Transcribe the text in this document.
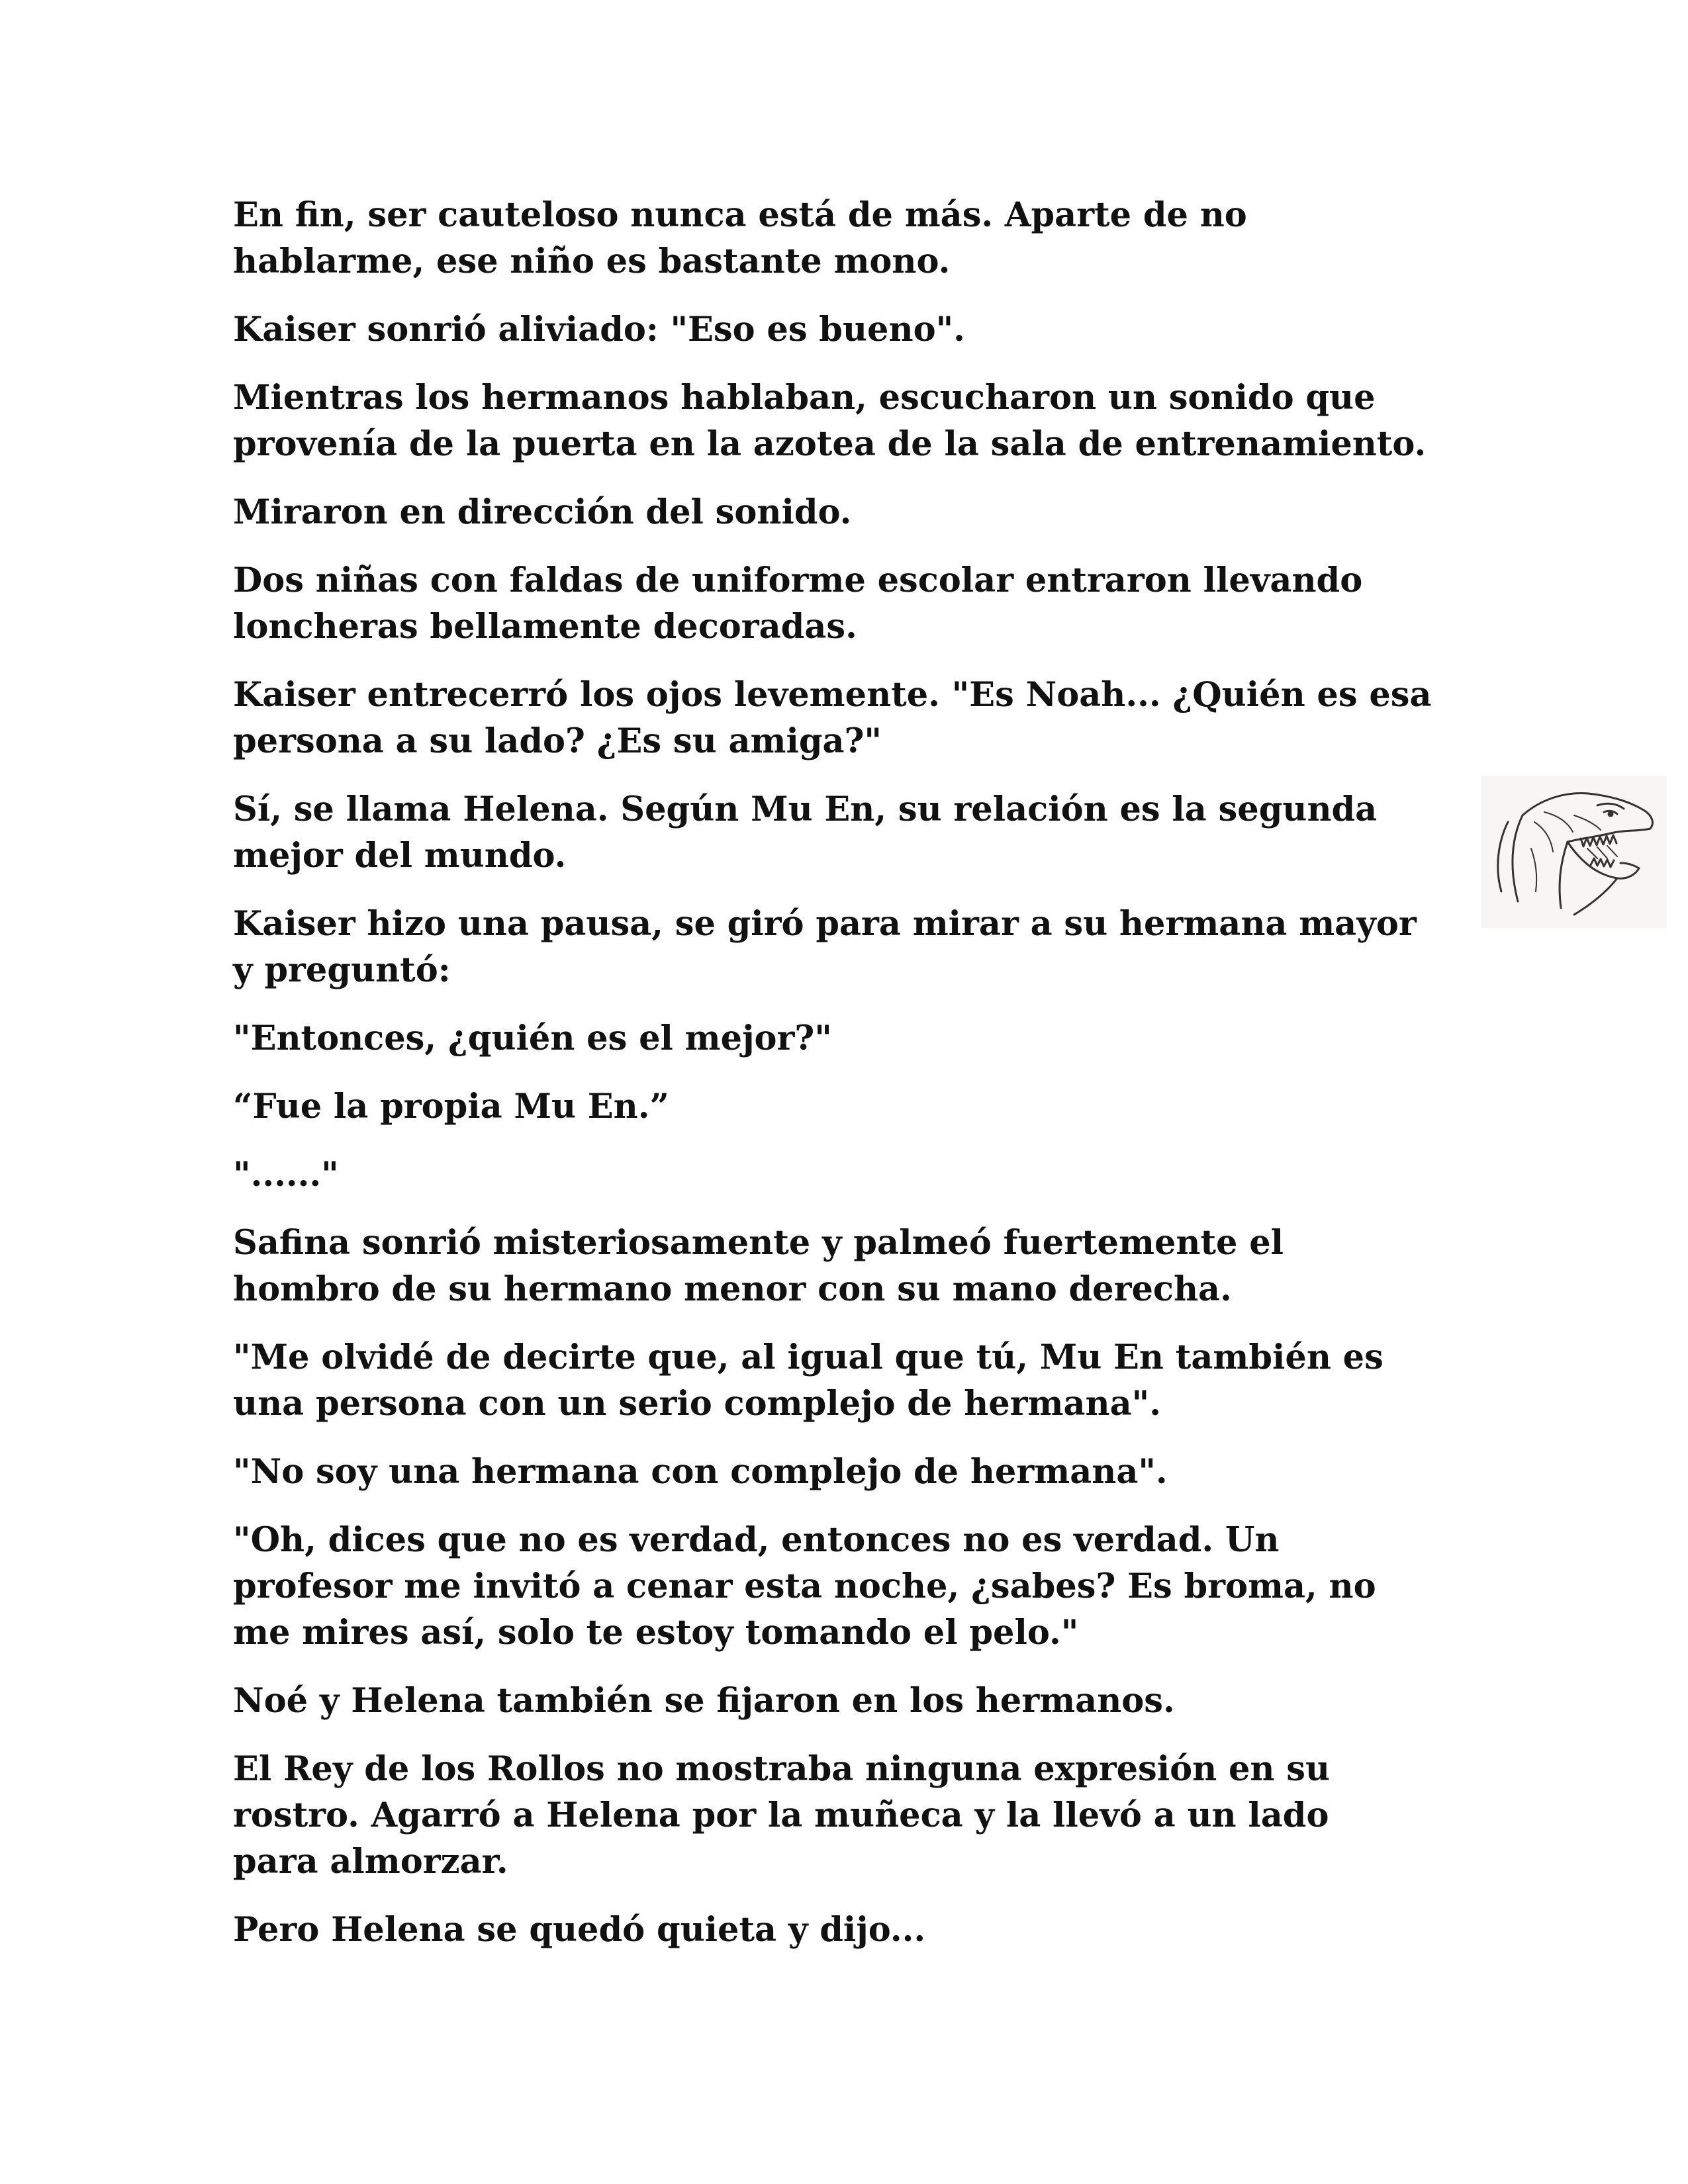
En fin, ser cauteloso nunca está de más. Aparte de no
hablarme, ese niño es bastante mono.

Kaiser sonrió aliviado: "Eso es bueno".

Mientras los hermanos hablaban, escucharon un sonido que
provenía de la puerta en la azotea de la sala de entrenamiento.

Miraron en dirección del sonido.

Dos niñas con faldas de uniforme escolar entraron llevando
loncheras bellamente decoradas.

Kaiser entrecerró los ojos levemente. "Es Noah... ¿Quién es esa
persona a su lado? ¿Es su amiga?"

Sí, se llama Helena. Según Mu En, su relación es la segunda
mejor del mundo.

Kaiser hizo una pausa, se giró para mirar a su hermana mayor
y preguntó:

"Entonces, ¿quién es el mejor?"

“Fue la propia Mu En.”

"......"

Safina sonrió misteriosamente y palmeó fuertemente el
hombro de su hermano menor con su mano derecha.

"Me olvidé de decirte que, al igual que tú, Mu En también es
una persona con un serio complejo de hermana".

"No soy una hermana con complejo de hermana".

"Oh, dices que no es verdad, entonces no es verdad. Un
profesor me invitó a cenar esta noche, ¿sabes? Es broma, no
me mires así, solo te estoy tomando el pelo."

Noé y Helena también se fijaron en los hermanos.

El Rey de los Rollos no mostraba ninguna expresión en su
rostro. Agarró a Helena por la muñeca y la llevó a un lado
para almorzar.

Pero Helena se quedó quieta y dijo...
